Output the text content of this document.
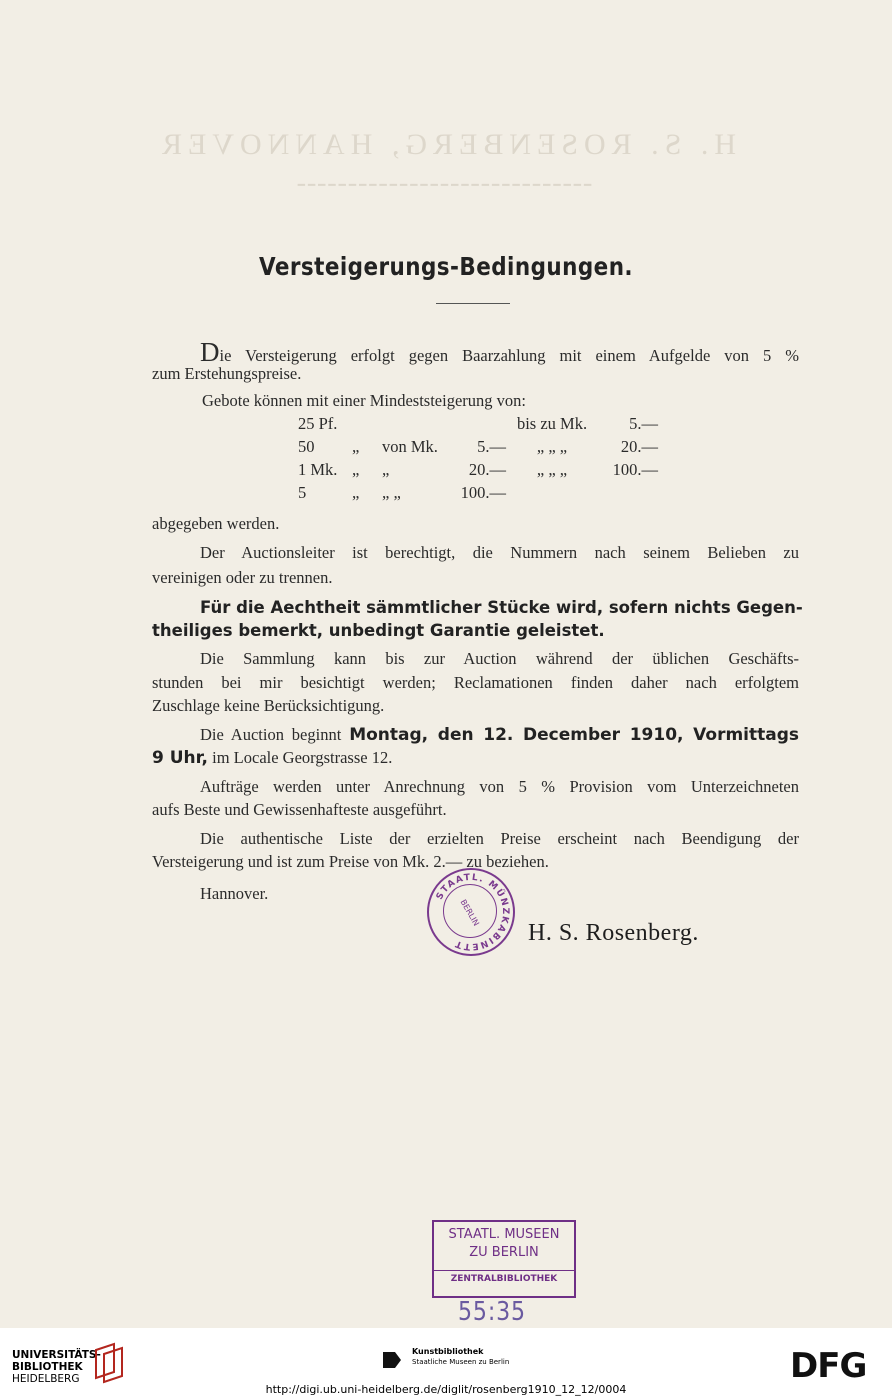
H. S. ROSENBERG, HANNOVER
━━━━━━━━━━━━━━━━━━━━━━━━━━━━━
Versteigerungs-Bedingungen.
Die Versteigerung erfolgt gegen Baarzahlung mit einem Aufgelde von 5 %
zum Erstehungspreise.
Gebote können mit einer Mindeststeigerung von:
25 Pf.				bis zu Mk.	5.—
50	„	von Mk.	5.—	„ „ „	20.—
1 Mk.	„	„	20.—	„ „ „	100.—
5	„	„ „	100.—		
abgegeben werden.
Der Auctionsleiter ist berechtigt, die Nummern nach seinem Belieben zu
vereinigen oder zu trennen.
Für die Aechtheit sämmtlicher Stücke wird, sofern nichts Gegen-
theiliges bemerkt, unbedingt Garantie geleistet.
Die Sammlung kann bis zur Auction während der üblichen Geschäfts-
stunden bei mir besichtigt werden; Reclamationen finden daher nach erfolgtem
Zuschlage keine Berücksichtigung.
Die Auction beginnt Montag, den 12. December 1910, Vormittags
9 Uhr, im Locale Georgstrasse 12.
Aufträge werden unter Anrechnung von 5 % Provision vom Unterzeichneten
aufs Beste und Gewissenhafteste ausgeführt.
Die authentische Liste der erzielten Preise erscheint nach Beendigung der
Versteigerung und ist zum Preise von Mk. 2.— zu beziehen.
Hannover.	STAATL. MÜNZKABINETT
BERLIN
H. S. Rosenberg.
STAATL. MUSEEN
ZU BERLIN
ZENTRALBIBLIOTHEK
55:35
UNIVERSITÄTS-
BIBLIOTHEK
HEIDELBERG
Kunstbibliothek
Staatliche Museen zu Berlin	DFG
http://digi.ub.uni-heidelberg.de/diglit/rosenberg1910_12_12/0004
